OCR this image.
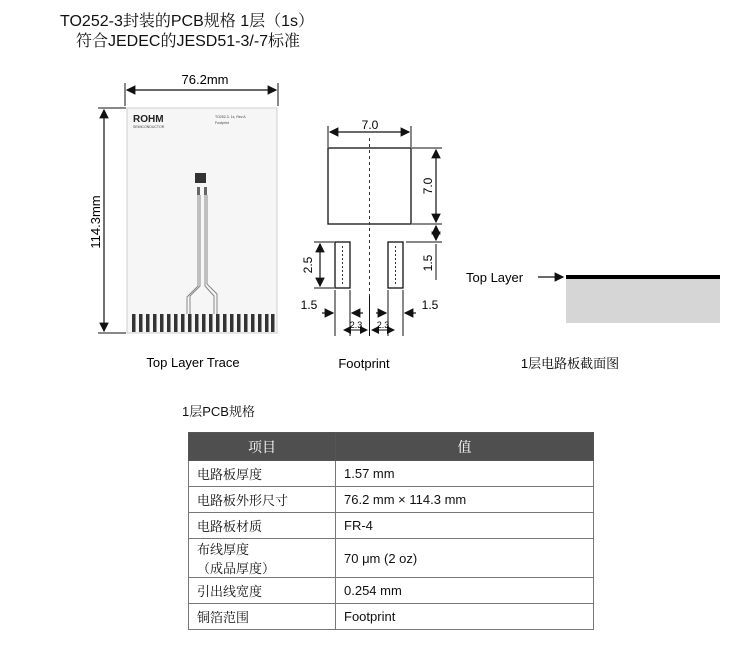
TO252-3封装的PCB规格 1层（1s）
符合JEDEC的JESD51-3/-7标准
76.2mm
114.3mm
ROHM
SEMICONDUCTOR
TO252-3, 1s, Rev.A
Footprint
Top Layer Trace
7.0
7.0
1.5
2.5
1.5	1.5
2.3 2.3
Footprint
Top Layer
1层电路板截面图
1层PCB规格
项目	值
电路板厚度	1.57 mm
电路板外形尺寸	76.2 mm × 114.3 mm
电路板材质	FR-4

布线厚度
（成品厚度）	70 μm (2 oz)
引出线宽度	0.254 mm
铜箔范围	Footprint
